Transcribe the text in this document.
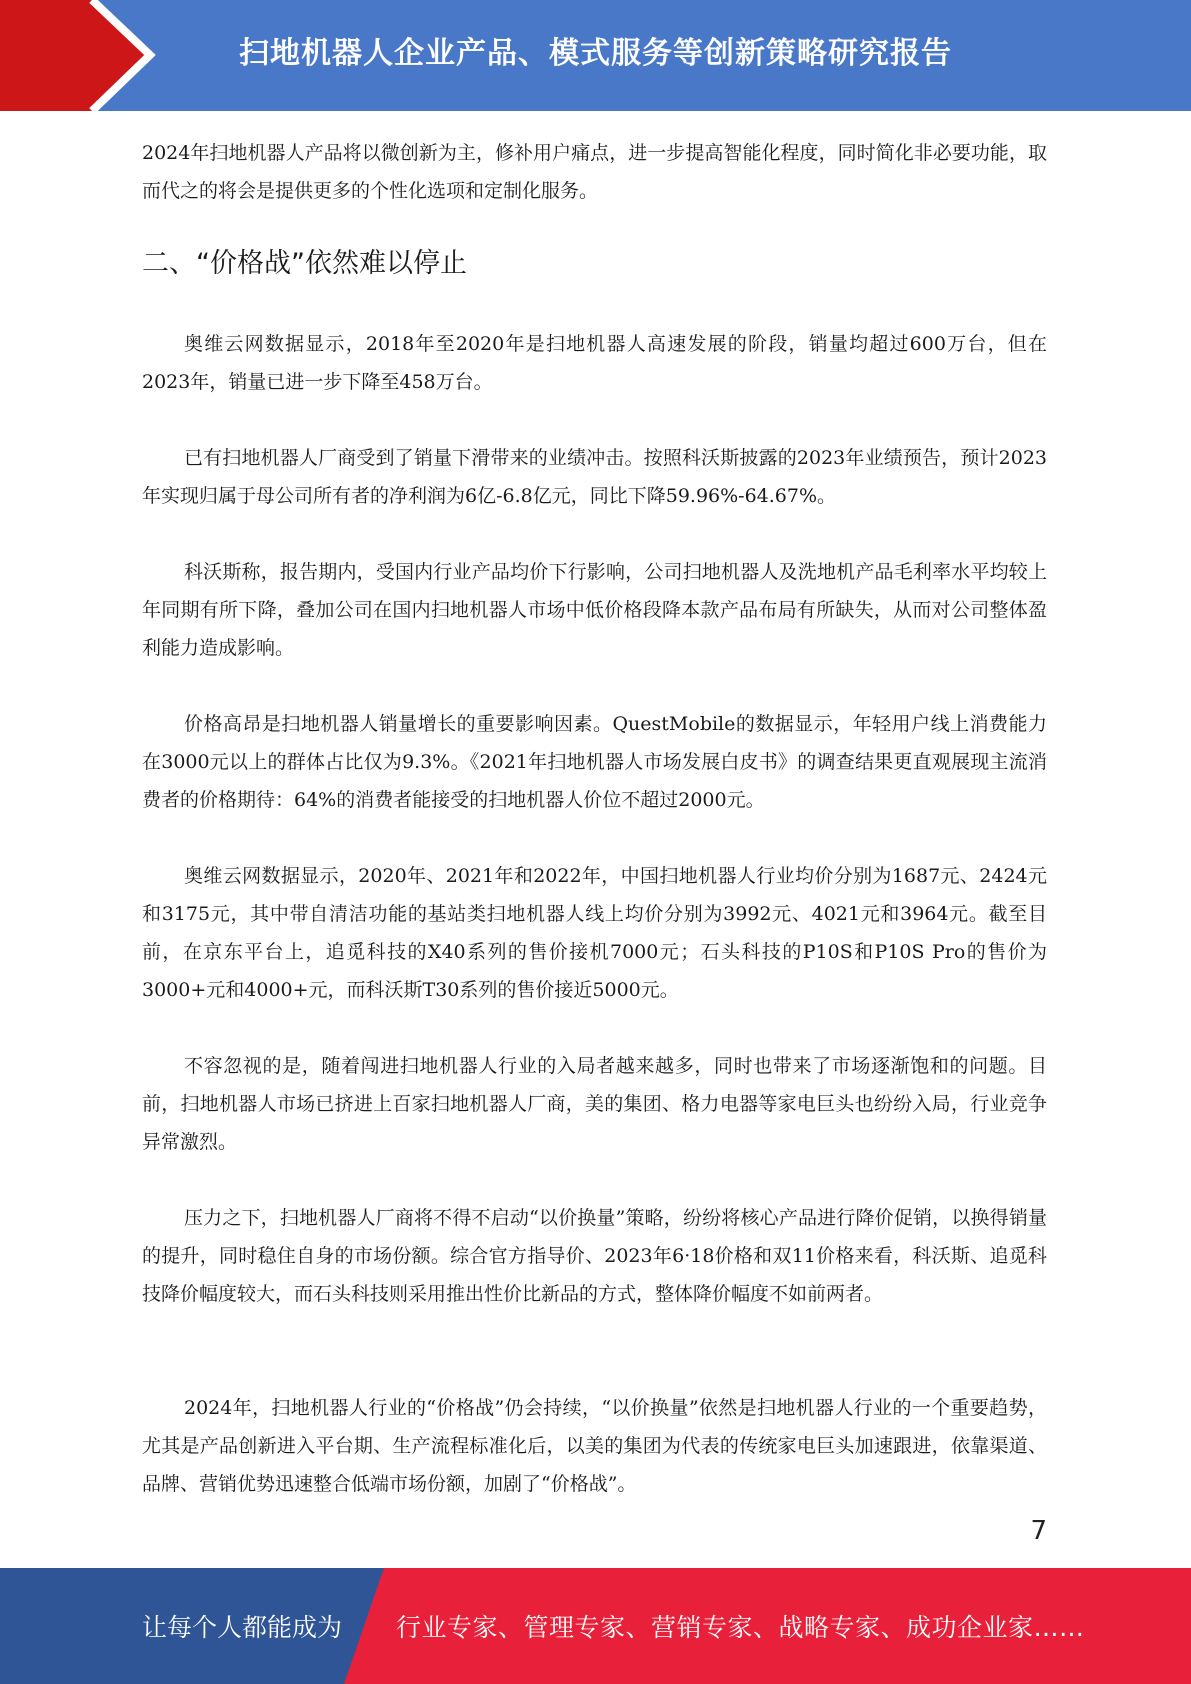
扫地机器人企业产品、模式服务等创新策略研究报告

2024年扫地机器人产品将以微创新为主，修补用户痛点，进一步提高智能化程度，同时简化非必要功能，取而代之的将会是提供更多的个性化选项和定制化服务。

二、“价格战”依然难以停止

奥维云网数据显示，2018年至2020年是扫地机器人高速发展的阶段，销量均超过600万台，但在2023年，销量已进一步下降至458万台。

已有扫地机器人厂商受到了销量下滑带来的业绩冲击。按照科沃斯披露的2023年业绩预告，预计2023年实现归属于母公司所有者的净利润为6亿-6.8亿元，同比下降59.96%-64.67%。

科沃斯称，报告期内，受国内行业产品均价下行影响，公司扫地机器人及洗地机产品毛利率水平均较上年同期有所下降，叠加公司在国内扫地机器人市场中低价格段降本款产品布局有所缺失，从而对公司整体盈利能力造成影响。

价格高昂是扫地机器人销量增长的重要影响因素。QuestMobile的数据显示，年轻用户线上消费能力在3000元以上的群体占比仅为9.3%。《2021年扫地机器人市场发展白皮书》的调查结果更直观展现主流消费者的价格期待：64%的消费者能接受的扫地机器人价位不超过2000元。

奥维云网数据显示，2020年、2021年和2022年，中国扫地机器人行业均价分别为1687元、2424元和3175元，其中带自清洁功能的基站类扫地机器人线上均价分别为3992元、4021元和3964元。截至目前，在京东平台上，追觅科技的X40系列的售价接机7000元；石头科技的P10S和P10S Pro的售价为3000+元和4000+元，而科沃斯T30系列的售价接近5000元。

不容忽视的是，随着闯进扫地机器人行业的入局者越来越多，同时也带来了市场逐渐饱和的问题。目前，扫地机器人市场已挤进上百家扫地机器人厂商，美的集团、格力电器等家电巨头也纷纷入局，行业竞争异常激烈。

压力之下，扫地机器人厂商将不得不启动“以价换量”策略，纷纷将核心产品进行降价促销，以换得销量的提升，同时稳住自身的市场份额。综合官方指导价、2023年6·18价格和双11价格来看，科沃斯、追觅科技降价幅度较大，而石头科技则采用推出性价比新品的方式，整体降价幅度不如前两者。

2024年，扫地机器人行业的“价格战”仍会持续，“以价换量”依然是扫地机器人行业的一个重要趋势，尤其是产品创新进入平台期、生产流程标准化后，以美的集团为代表的传统家电巨头加速跟进，依靠渠道、品牌、营销优势迅速整合低端市场份额，加剧了“价格战”。

7
让每个人都能成为 行业专家、管理专家、营销专家、战略专家、成功企业家……
